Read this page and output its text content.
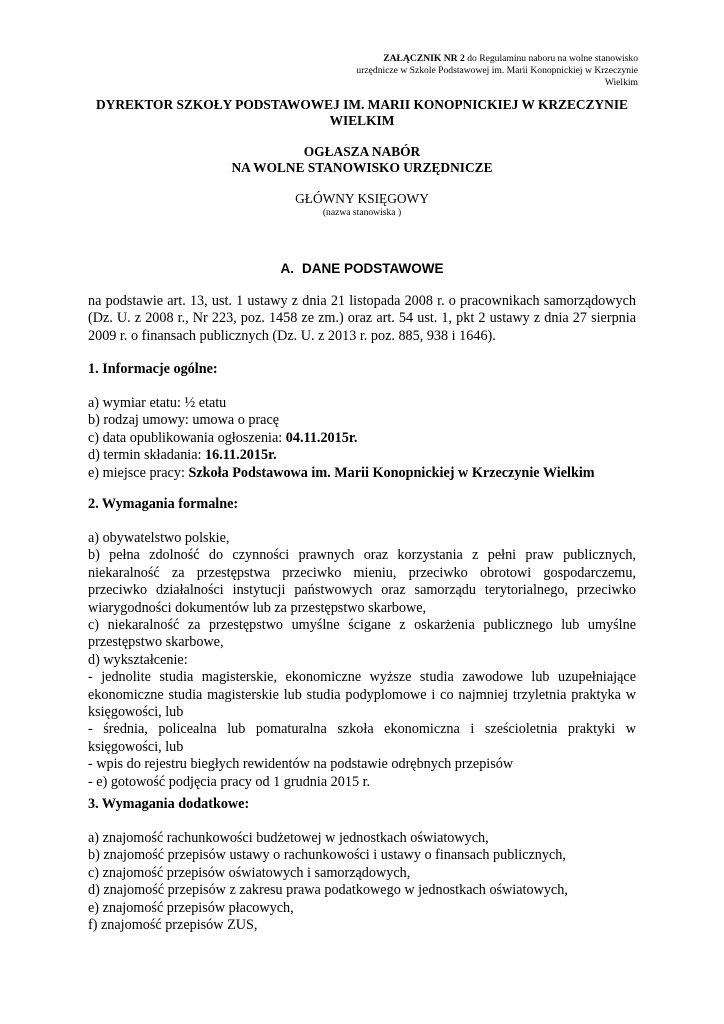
ZAŁĄCZNIK NR 2 do Regulaminu naboru na wolne stanowisko
urzędnicze w Szkole Podstawowej im. Marii Konopnickiej w Krzeczynie
Wielkim
DYREKTOR SZKOŁY PODSTAWOWEJ IM. MARII KONOPNICKIEJ W KRZECZYNIE WIELKIM
OGŁASZA NABÓR
NA WOLNE STANOWISKO URZĘDNICZE
GŁÓWNY KSIĘGOWY
(nazwa stanowiska )
A. DANE PODSTAWOWE
na podstawie art. 13, ust. 1 ustawy z dnia 21 listopada 2008 r. o pracownikach samorządowych (Dz. U. z 2008 r., Nr 223, poz. 1458 ze zm.) oraz art. 54 ust. 1, pkt 2 ustawy z dnia 27 sierpnia 2009 r. o finansach publicznych (Dz. U. z 2013 r. poz. 885, 938 i 1646).
1. Informacje ogólne:
a) wymiar etatu: ½ etatu
b) rodzaj umowy: umowa o pracę
c) data opublikowania ogłoszenia: 04.11.2015r.
d) termin składania: 16.11.2015r.
e) miejsce pracy: Szkoła Podstawowa im. Marii Konopnickiej w Krzeczynie Wielkim
2. Wymagania formalne:
a) obywatelstwo polskie,
b) pełna zdolność do czynności prawnych oraz korzystania z pełni praw publicznych, niekaralność za przestępstwa przeciwko mieniu, przeciwko obrotowi gospodarczemu, przeciwko działalności instytucji państwowych oraz samorządu terytorialnego, przeciwko wiarygodności dokumentów lub za przestępstwo skarbowe,
c) niekaralność za przestępstwo umyślne ścigane z oskarżenia publicznego lub umyślne przestępstwo skarbowe,
d) wykształcenie:
- jednolite studia magisterskie, ekonomiczne wyższe studia zawodowe lub uzupełniające ekonomiczne studia magisterskie lub studia podyplomowe i co najmniej trzyletnia praktyka w księgowości, lub
- średnia, policealna lub pomaturalna szkoła ekonomiczna i sześcioletnia praktyki w księgowości, lub
- wpis do rejestru biegłych rewidentów na podstawie odrębnych przepisów
- e) gotowość podjęcia pracy od 1 grudnia 2015 r.
3. Wymagania dodatkowe:
a) znajomość rachunkowości budżetowej w jednostkach oświatowych,
b) znajomość przepisów ustawy o rachunkowości i ustawy o finansach publicznych,
c) znajomość przepisów oświatowych i samorządowych,
d) znajomość przepisów z zakresu prawa podatkowego w jednostkach oświatowych,
e) znajomość przepisów płacowych,
f) znajomość przepisów ZUS,
